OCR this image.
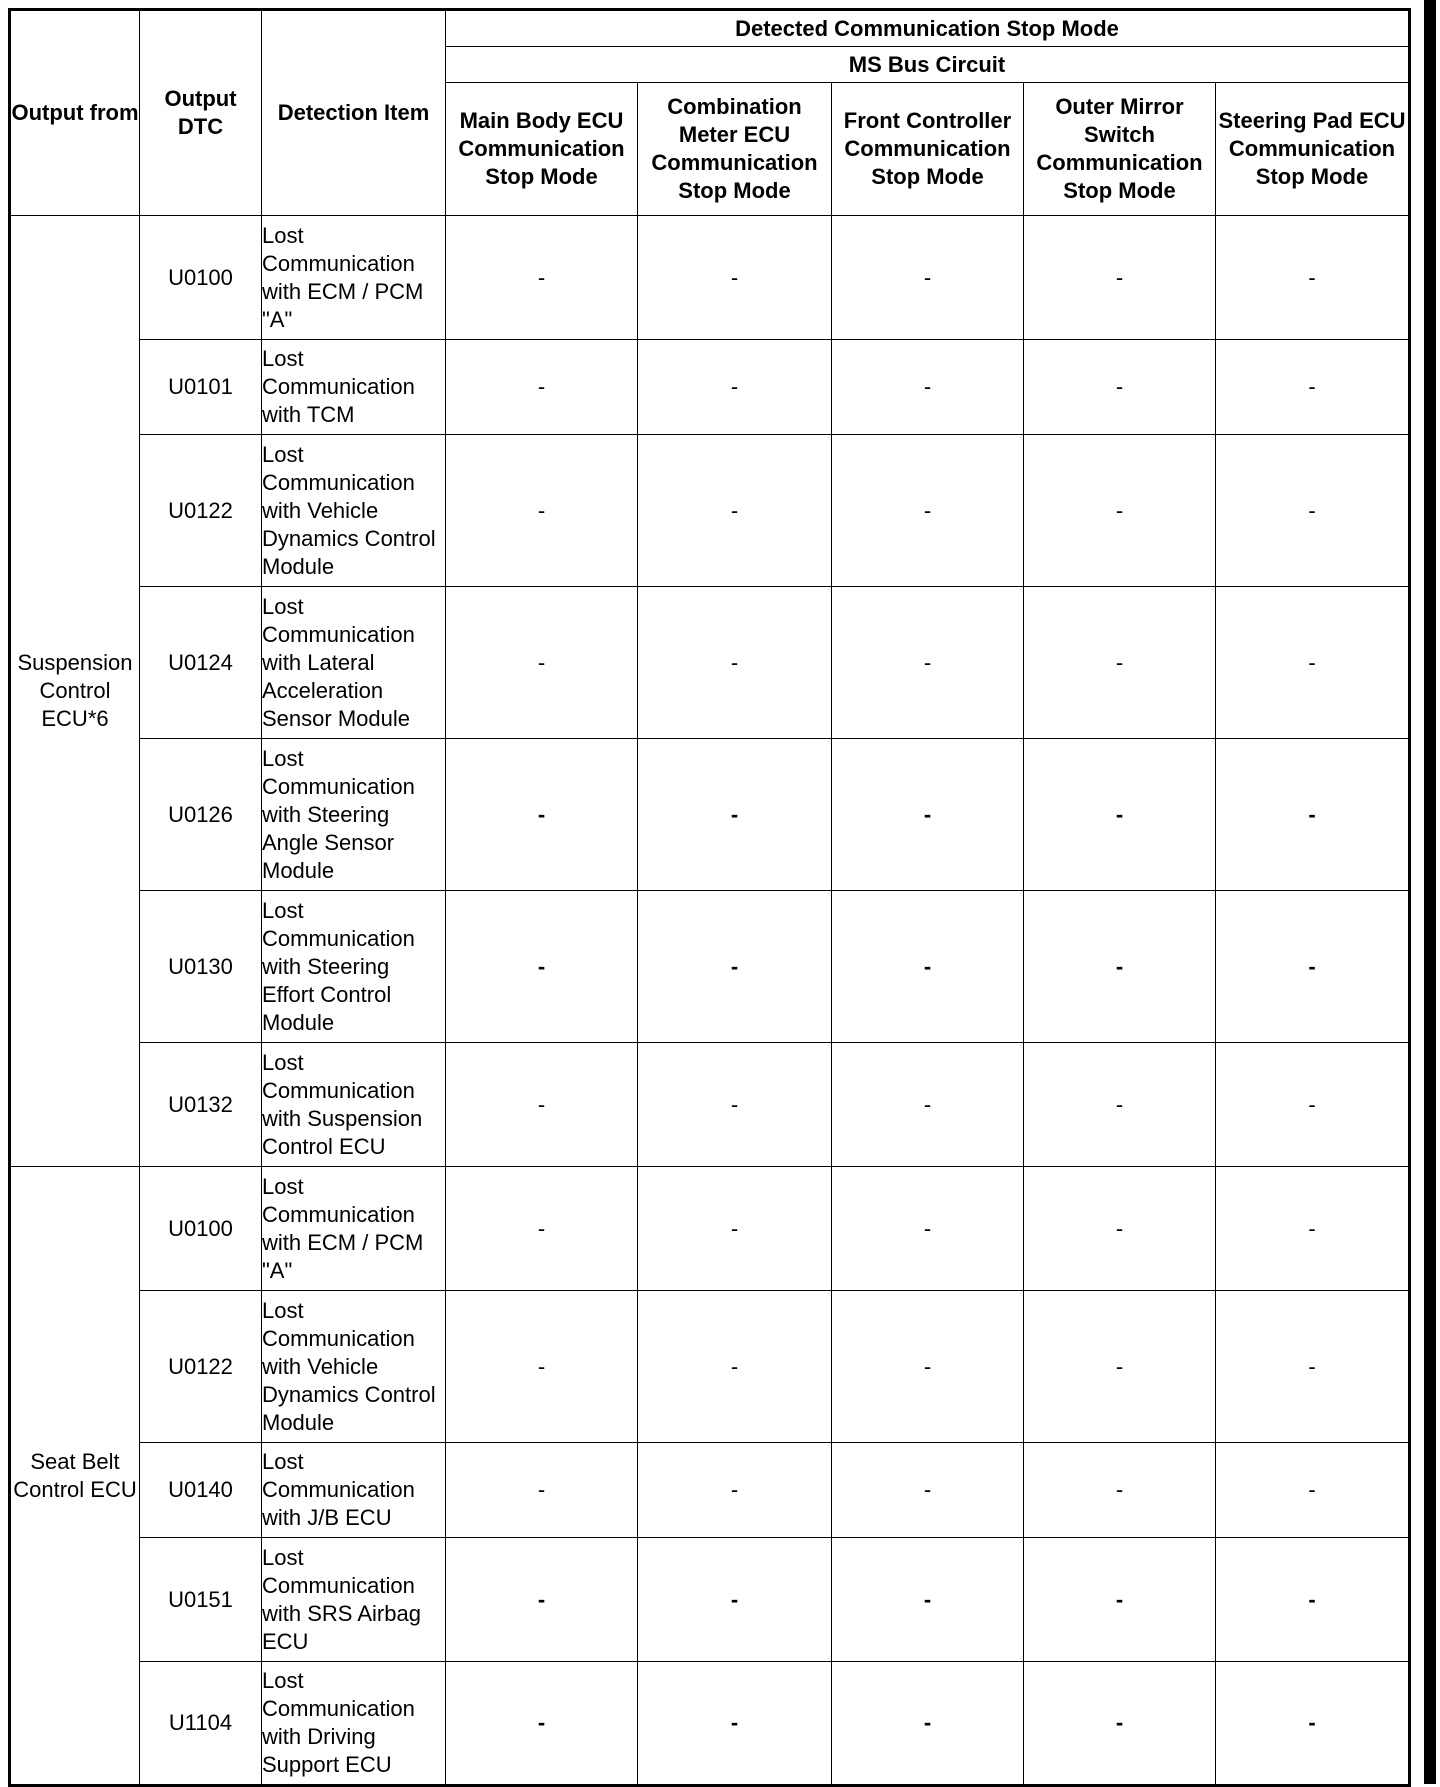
Output from	Output DTC	Detection Item	Detected Communication Stop Mode				
			MS Bus Circuit				
			Main Body ECU Communication Stop Mode	Combination Meter ECU Communication Stop Mode	Front Controller Communication Stop Mode	Outer Mirror Switch Communication Stop Mode	Steering Pad ECU Communication Stop Mode
Suspension Control ECU*6	U0100	Lost Communication with ECM / PCM "A"	-	-	-	-	-
	U0101	Lost Communication with TCM	-	-	-	-	-
	U0122	Lost Communication with Vehicle Dynamics Control Module	-	-	-	-	-
	U0124	Lost Communication with Lateral Acceleration Sensor Module	-	-	-	-	-
	U0126	Lost Communication with Steering Angle Sensor Module	-	-	-	-	-
	U0130	Lost Communication with Steering Effort Control Module	-	-	-	-	-
	U0132	Lost Communication with Suspension Control ECU	-	-	-	-	-
Seat Belt Control ECU	U0100	Lost Communication with ECM / PCM "A"	-	-	-	-	-
	U0122	Lost Communication with Vehicle Dynamics Control Module	-	-	-	-	-
	U0140	Lost Communication with J/B ECU	-	-	-	-	-
	U0151	Lost Communication with SRS Airbag ECU	-	-	-	-	-
	U1104	Lost Communication with Driving Support ECU	-	-	-	-	-
